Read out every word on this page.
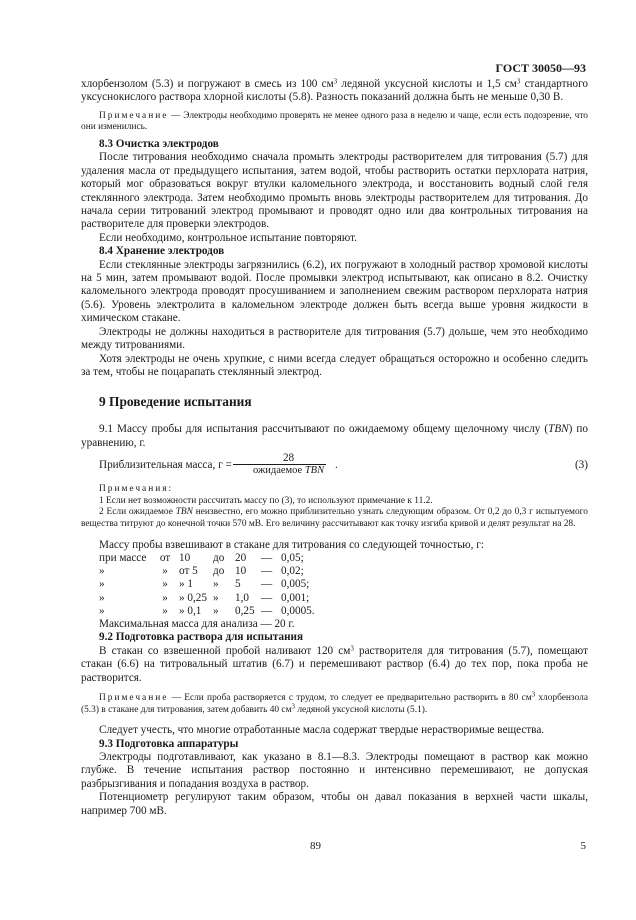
ГОСТ 30050—93

хлорбензолом (5.3) и погружают в смесь из 100 $см^3$ ледяной уксусной кислоты и 1,5 $см^3$ стандартного уксуснокислого раствора хлорной кислоты (5.8). Разность показаний должна быть не меньше 0,30 В.

Примечание — Электроды необходимо проверять не менее одного раза в неделю и чаще, если есть подозрение, что они изменились.

8.3 Очистка электродов

После титрования необходимо сначала промыть электроды растворителем для титрования (5.7) для удаления масла от предыдущего испытания, затем водой, чтобы растворить остатки перхлората натрия, который мог образоваться вокруг втулки каломельного электрода, и восстановить водный слой геля стеклянного электрода. Затем необходимо промыть вновь электроды растворителем для титрования. До начала серии титрований электрод промывают и проводят одно или два контрольных титрования на растворителе для проверки электродов.

Если необходимо, контрольное испытание повторяют.

8.4 Хранение электродов

Если стеклянные электроды загрязнились (6.2), их погружают в холодный раствор хромовой кислоты на 5 мин, затем промывают водой. После промывки электрод испытывают, как описано в 8.2. Очистку каломельного электрода проводят просушиванием и заполнением свежим раствором перхлората натрия (5.6). Уровень электролита в каломельном электроде должен быть всегда выше уровня жидкости в химическом стакане.

Электроды не должны находиться в растворителе для титрования (5.7) дольше, чем это необходимо между титрованиями.

Хотя электроды не очень хрупкие, с ними всегда следует обращаться осторожно и особенно следить за тем, чтобы не поцарапать стеклянный электрод.

9 Проведение испытания

9.1 Массу пробы для испытания рассчитывают по ожидаемому общему щелочному числу (TBN) по уравнению, г.

Приблизительная масса, г =
28
ожидаемое TBN .	(3)

Примечания:

1 Если нет возможности рассчитать массу по (3), то используют примечание к 11.2.

2 Если ожидаемое TBN неизвестно, его можно приблизительно узнать следующим образом. От 0,2 до 0,3 г испытуемого вещества титруют до конечной точки 570 мВ. Его величину рассчитывают как точку изгиба кривой и делят результат на 28.

Массу пробы взвешивают в стакане для титрования со следующей точностью, г:

при массе	от	10	до	20	—	0,05;
»	»	от 5	до	10	—	0,02;
»	»	» 1	»	5	—	0,005;
»	»	» 0,25	»	1,0	—	0,001;
»	»	» 0,1	»	0,25	—	0,0005.

Максимальная масса для анализа — 20 г.

9.2 Подготовка раствора для испытания

В стакан со взвешенной пробой наливают 120 $см^3$ растворителя для титрования (5.7), помещают стакан (6.6) на титровальный штатив (6.7) и перемешивают раствор (6.4) до тех пор, пока проба не растворится.

Примечание — Если проба растворяется с трудом, то следует ее предварительно растворить в 80 $см^3$ хлорбензола (5.3) в стакане для титрования, затем добавить 40 $см^3$ ледяной уксусной кислоты (5.1).

Следует учесть, что многие отработанные масла содержат твердые нерастворимые вещества.

9.3 Подготовка аппаратуры

Электроды подготавливают, как указано в 8.1—8.3. Электроды помещают в раствор как можно глубже. В течение испытания раствор постоянно и интенсивно перемешивают, не допуская разбрызгивания и попадания воздуха в раствор.

Потенциометр регулируют таким образом, чтобы он давал показания в верхней части шкалы, например 700 мВ.

89	5
